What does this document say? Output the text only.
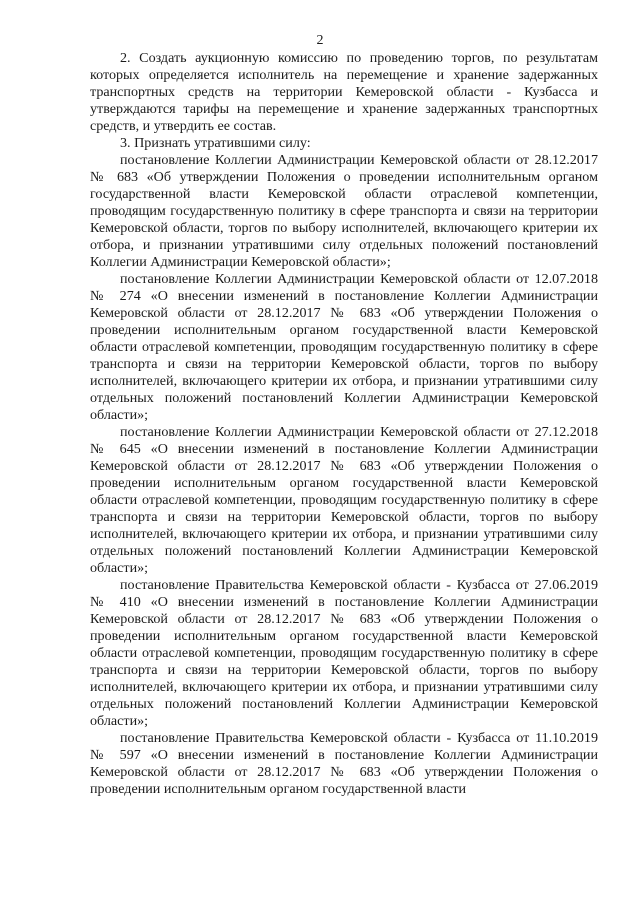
2

2. Создать аукционную комиссию по проведению торгов, по результатам которых определяется исполнитель на перемещение и хранение задержанных транспортных средств на территории Кемеровской области - Кузбасса и утверждаются тарифы на перемещение и хранение задержанных транспортных средств, и утвердить ее состав.

3. Признать утратившими силу:

постановление Коллегии Администрации Кемеровской области от 28.12.2017 № 683 «Об утверждении Положения о проведении исполнительным органом государственной власти Кемеровской области отраслевой компетенции, проводящим государственную политику в сфере транспорта и связи на территории Кемеровской области, торгов по выбору исполнителей, включающего критерии их отбора, и признании утратившими силу отдельных положений постановлений Коллегии Администрации Кемеровской области»;

постановление Коллегии Администрации Кемеровской области от 12.07.2018 № 274 «О внесении изменений в постановление Коллегии Администрации Кемеровской области от 28.12.2017 № 683 «Об утверждении Положения о проведении исполнительным органом государственной власти Кемеровской области отраслевой компетенции, проводящим государственную политику в сфере транспорта и связи на территории Кемеровской области, торгов по выбору исполнителей, включающего критерии их отбора, и признании утратившими силу отдельных положений постановлений Коллегии Администрации Кемеровской области»;

постановление Коллегии Администрации Кемеровской области от 27.12.2018 № 645 «О внесении изменений в постановление Коллегии Администрации Кемеровской области от 28.12.2017 № 683 «Об утверждении Положения о проведении исполнительным органом государственной власти Кемеровской области отраслевой компетенции, проводящим государственную политику в сфере транспорта и связи на территории Кемеровской области, торгов по выбору исполнителей, включающего критерии их отбора, и признании утратившими силу отдельных положений постановлений Коллегии Администрации Кемеровской области»;

постановление Правительства Кемеровской области - Кузбасса от 27.06.2019 № 410 «О внесении изменений в постановление Коллегии Администрации Кемеровской области от 28.12.2017 № 683 «Об утверждении Положения о проведении исполнительным органом государственной власти Кемеровской области отраслевой компетенции, проводящим государственную политику в сфере транспорта и связи на территории Кемеровской области, торгов по выбору исполнителей, включающего критерии их отбора, и признании утратившими силу отдельных положений постановлений Коллегии Администрации Кемеровской области»;

постановление Правительства Кемеровской области - Кузбасса от 11.10.2019 № 597 «О внесении изменений в постановление Коллегии Администрации Кемеровской области от 28.12.2017 № 683 «Об утверждении Положения о проведении исполнительным органом государственной власти
